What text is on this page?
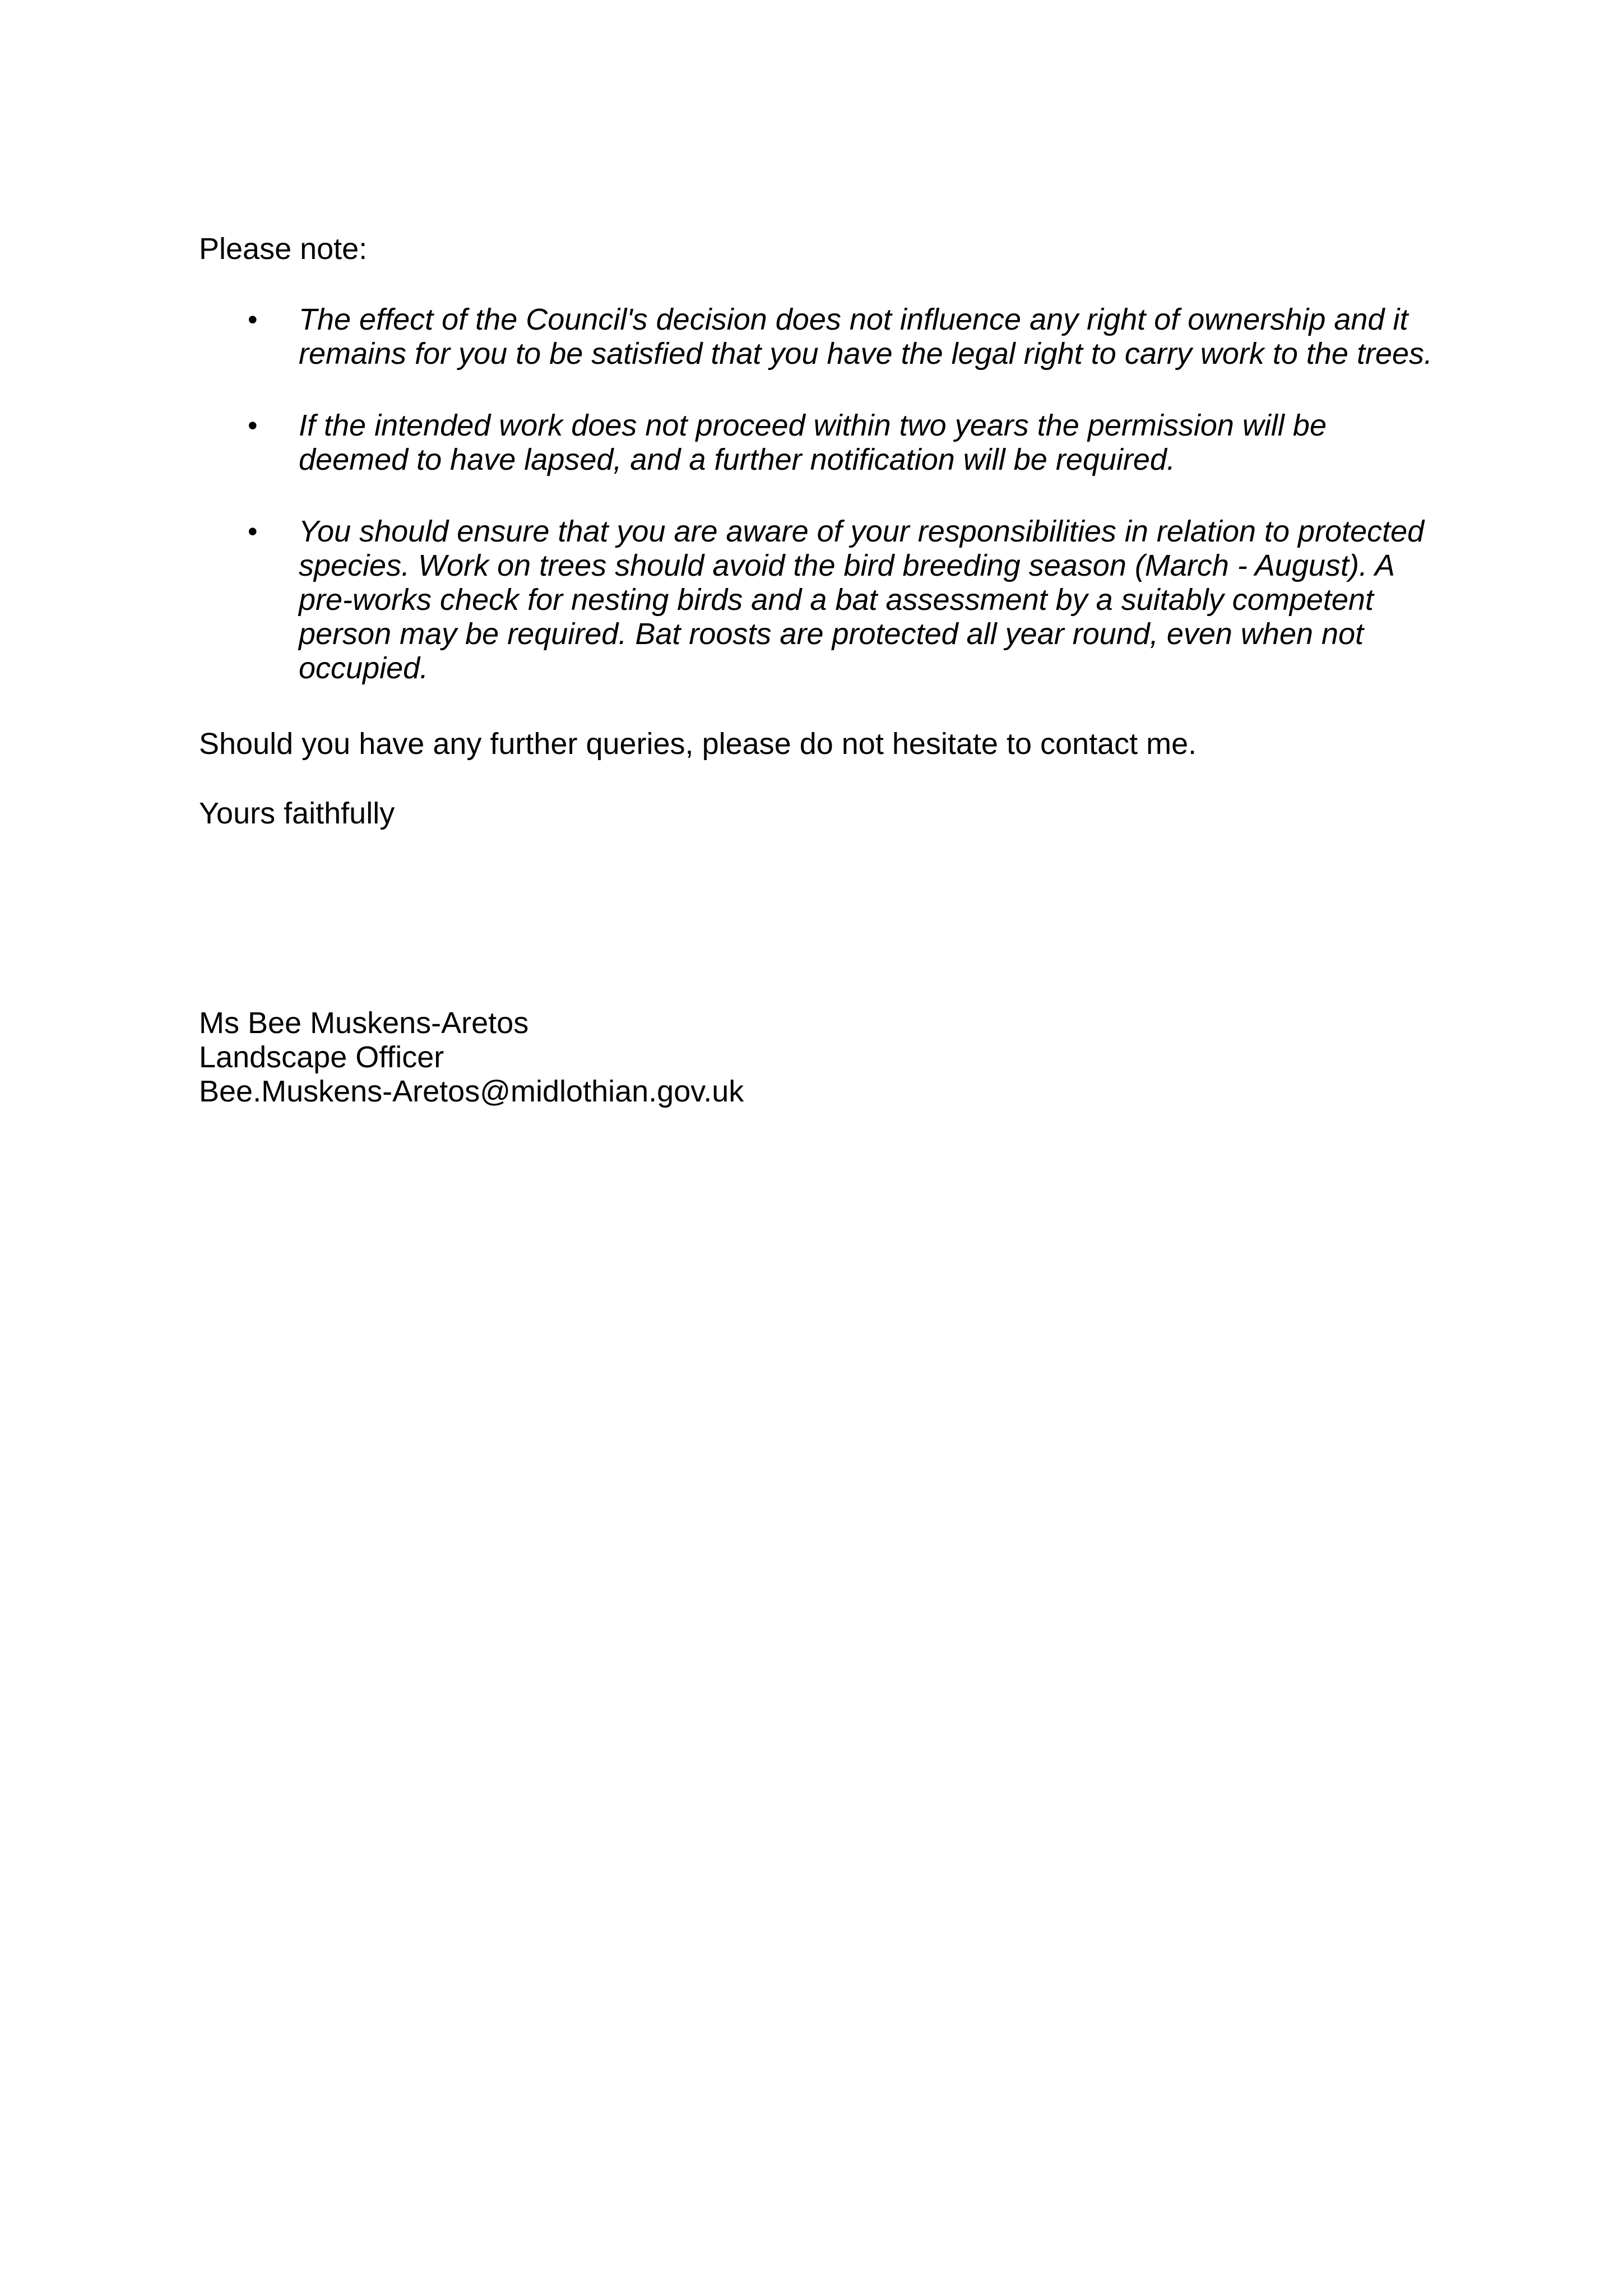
Please note:

• The effect of the Council's decision does not influence any right of ownership and it
remains for you to be satisfied that you have the legal right to carry work to the trees.
• If the intended work does not proceed within two years the permission will be
deemed to have lapsed, and a further notification will be required.
• You should ensure that you are aware of your responsibilities in relation to protected
species. Work on trees should avoid the bird breeding season (March - August). A
pre-works check for nesting birds and a bat assessment by a suitably competent
person may be required. Bat roosts are protected all year round, even when not
occupied.

Should you have any further queries, please do not hesitate to contact me.

Yours faithfully

Ms Bee Muskens-Aretos
Landscape Officer
Bee.Muskens-Aretos@midlothian.gov.uk
